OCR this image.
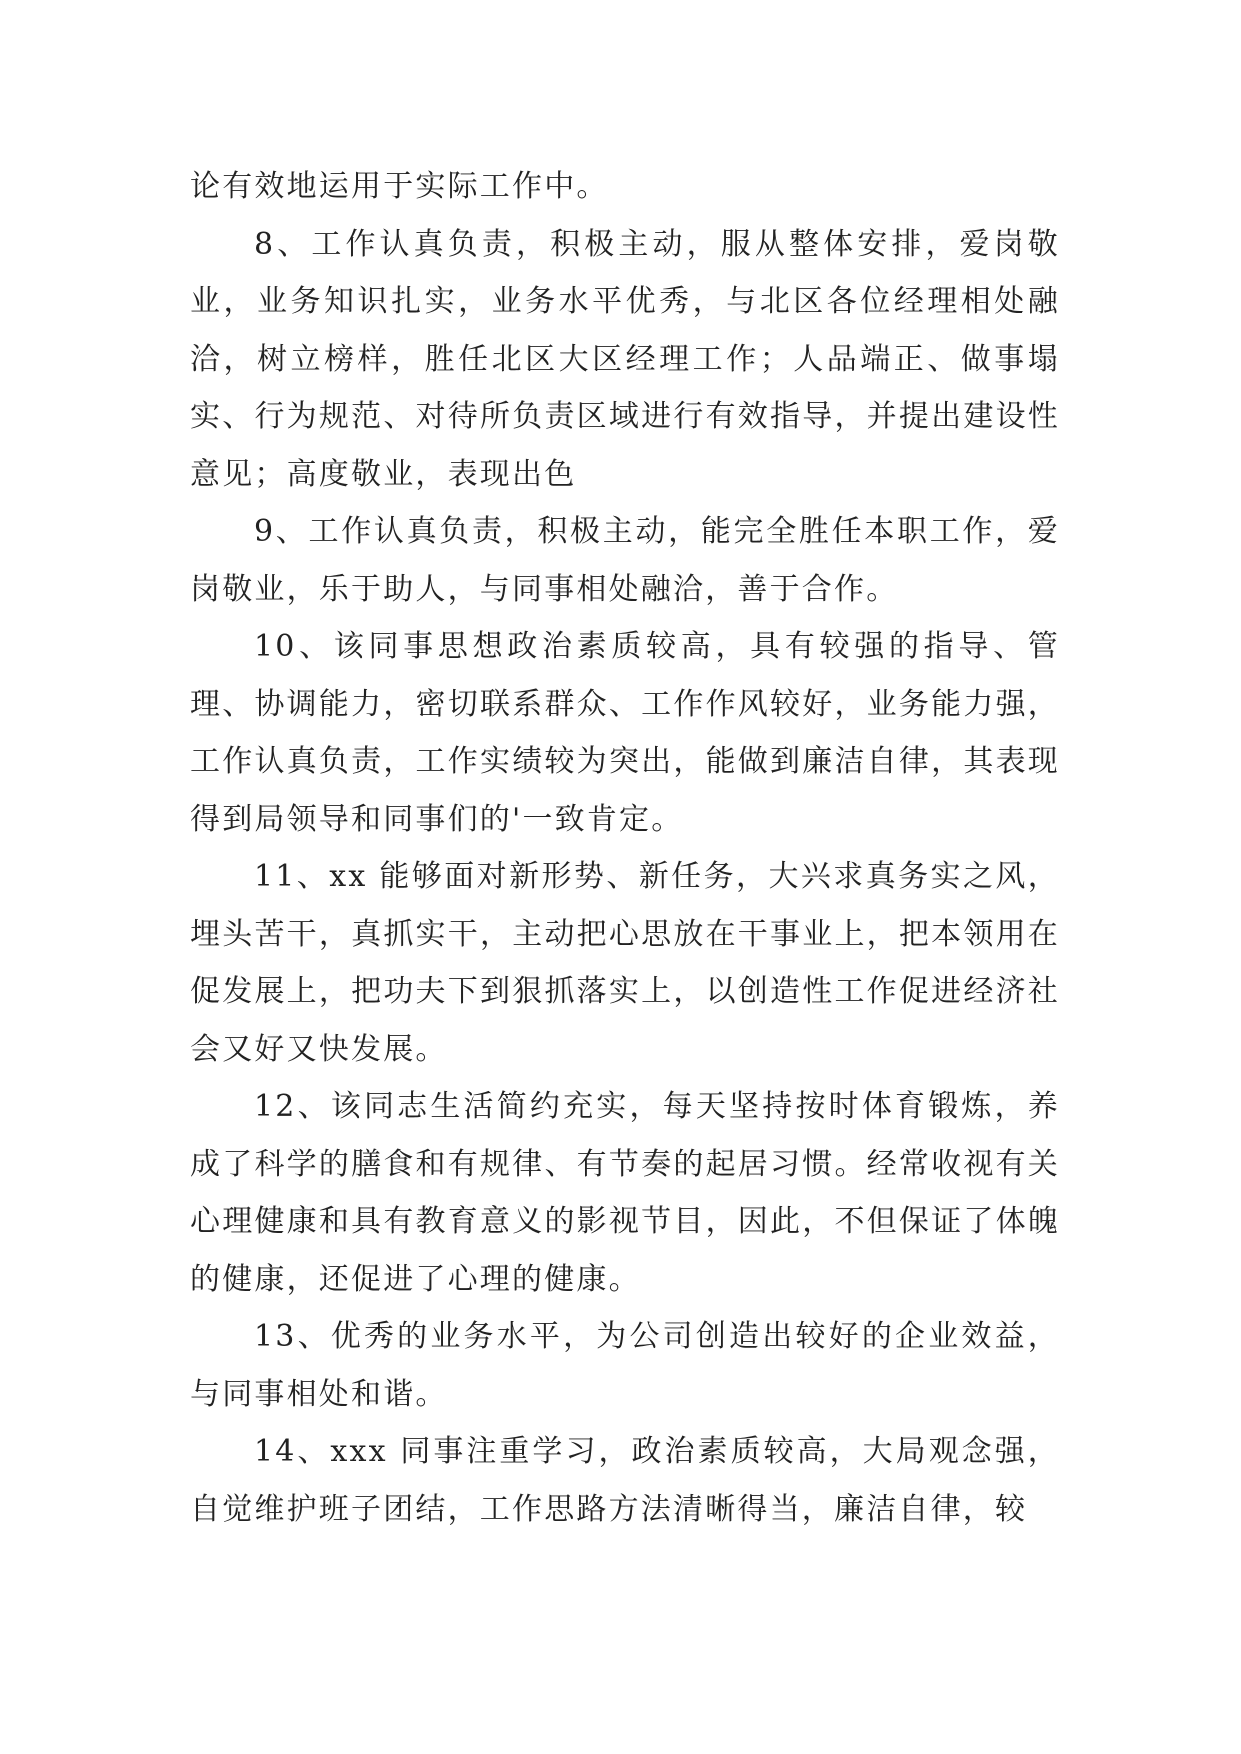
论有效地运用于实际工作中。

8、工作认真负责，积极主动，服从整体安排，爱岗敬业，业务知识扎实，业务水平优秀，与北区各位经理相处融洽，树立榜样，胜任北区大区经理工作；人品端正、做事塌实、行为规范、对待所负责区域进行有效指导，并提出建设性意见；高度敬业，表现出色

9、工作认真负责，积极主动，能完全胜任本职工作，爱岗敬业，乐于助人，与同事相处融洽，善于合作。

10、该同事思想政治素质较高，具有较强的指导、管理、协调能力，密切联系群众、工作作风较好，业务能力强，工作认真负责，工作实绩较为突出，能做到廉洁自律，其表现得到局领导和同事们的'一致肯定。

11、xx 能够面对新形势、新任务，大兴求真务实之风，埋头苦干，真抓实干，主动把心思放在干事业上，把本领用在促发展上，把功夫下到狠抓落实上，以创造性工作促进经济社会又好又快发展。

12、该同志生活简约充实，每天坚持按时体育锻炼，养成了科学的膳食和有规律、有节奏的起居习惯。经常收视有关心理健康和具有教育意义的影视节目，因此，不但保证了体魄的健康，还促进了心理的健康。

13、优秀的业务水平，为公司创造出较好的企业效益，与同事相处和谐。

14、xxx 同事注重学习，政治素质较高，大局观念强，自觉维护班子团结，工作思路方法清晰得当，廉洁自律，较
